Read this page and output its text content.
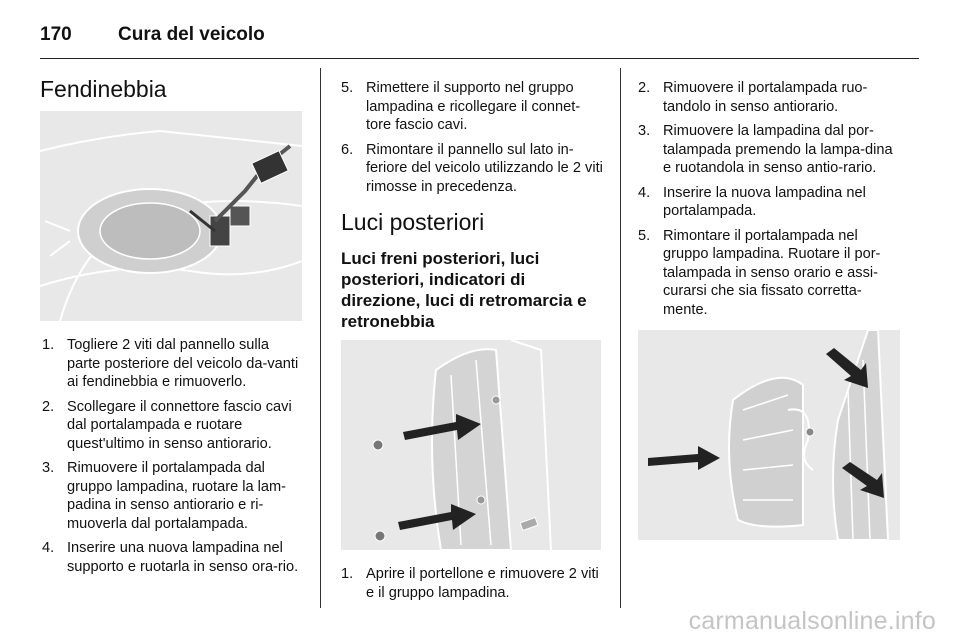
170	Cura del veicolo
Fendinebbia
1. Togliere 2 viti dal pannello sulla parte posteriore del veicolo da-vanti ai fendinebbia e rimuoverlo.
2. Scollegare il connettore fascio cavi dal portalampada e ruotare quest'ultimo in senso antiorario.
3. Rimuovere il portalampada dal gruppo lampadina, ruotare la lam-padina in senso antiorario e ri-muoverla dal portalampada.
4. Inserire una nuova lampadina nel supporto e ruotarla in senso ora-rio.
5. Rimettere il supporto nel gruppo lampadina e ricollegare il connet-tore fascio cavi.
6. Rimontare il pannello sul lato in-feriore del veicolo utilizzando le 2 viti rimosse in precedenza.
Luci posteriori
Luci freni posteriori, luci posteriori, indicatori di direzione, luci di retromarcia e retronebbia
1. Aprire il portellone e rimuovere 2 viti e il gruppo lampadina.
2. Rimuovere il portalampada ruo-tandolo in senso antiorario.
3. Rimuovere la lampadina dal por-talampada premendo la lampa-dina e ruotandola in senso antio-rario.
4. Inserire la nuova lampadina nel portalampada.
5. Rimontare il portalampada nel gruppo lampadina. Ruotare il por-talampada in senso orario e assi-curarsi che sia fissato corretta-mente.
carmanualsonline.info
